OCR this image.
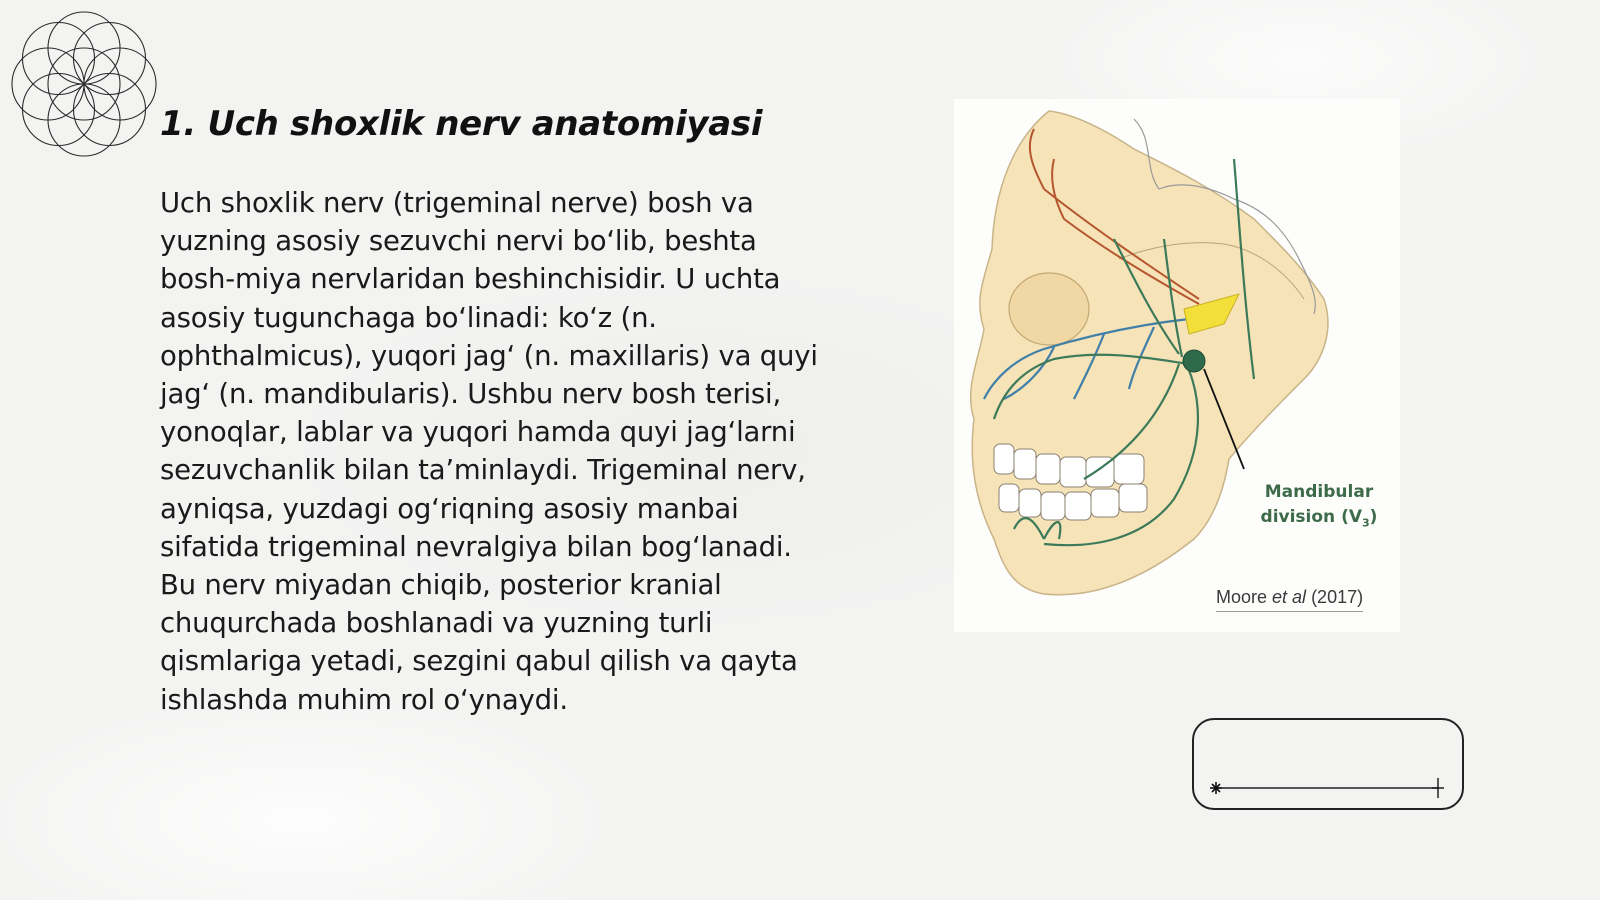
1. Uch shoxlik nerv anatomiyasi
Uch shoxlik nerv (trigeminal nerve) bosh va yuzning asosiy sezuvchi nervi bo‘lib, beshta bosh-miya nervlaridan beshinchisidir. U uchta asosiy tugunchaga bo‘linadi: ko‘z (n. ophthalmicus), yuqori jag‘ (n. maxillaris) va quyi jag‘ (n. mandibularis). Ushbu nerv bosh terisi, yonoqlar, lablar va yuqori hamda quyi jag‘larni sezuvchanlik bilan ta’minlaydi. Trigeminal nerv, ayniqsa, yuzdagi og‘riqning asosiy manbai sifatida trigeminal nevralgiya bilan bog‘lanadi. Bu nerv miyadan chiqib, posterior kranial chuqurchada boshlanadi va yuzning turli qismlariga yetadi, sezgini qabul qilish va qayta ishlashda muhim rol o‘ynaydi.
Mandibular
division $(V_3)$
Moore et al (2017)
